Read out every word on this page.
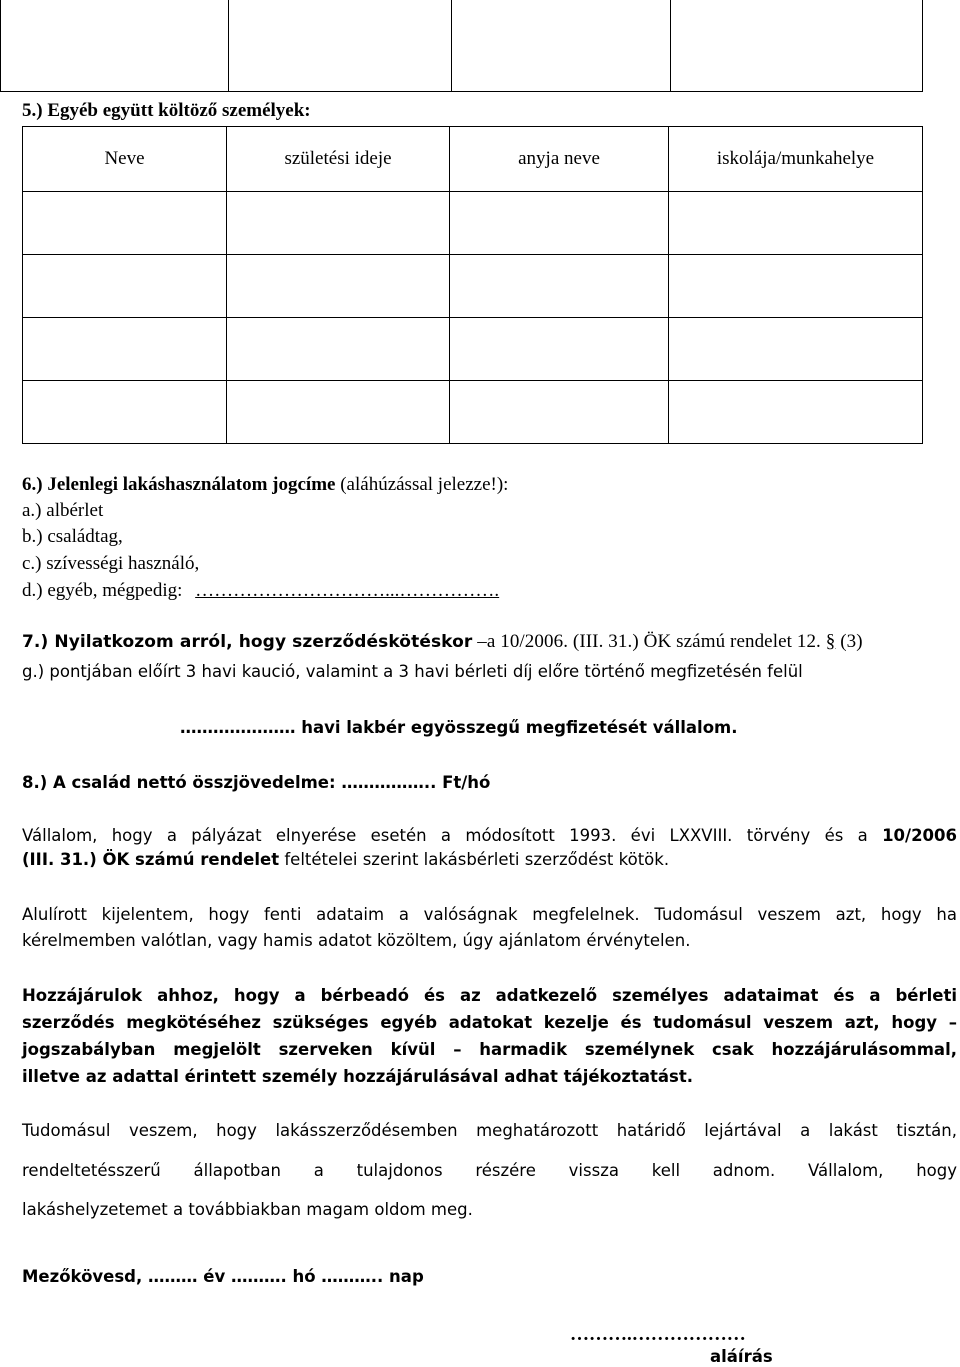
5.) Egyéb együtt költöző személyek:
Neve	születési ideje	anyja neve	iskolája/munkahelye

6.) Jelenlegi lakáshasználatom jogcíme (aláhúzással jelezze!):
a.) albérlet
b.) családtag,
c.) szívességi használó,
d.) egyéb, mégpedig: …………………………...…………….
7.) Nyilatkozom arról, hogy szerződéskötéskor –a 10/2006. (III. 31.) ÖK számú rendelet 12. § (3)
g.) pontjában előírt 3 havi kaució, valamint a 3 havi bérleti díj előre történő megfizetésén felül
………………… havi lakbér egyösszegű megfizetését vállalom.
8.) A család nettó összjövedelme: …………….. Ft/hó
Vállalom, hogy a pályázat elnyerése esetén a módosított 1993. évi LXXVIII. törvény és a 10/2006
(III. 31.) ÖK számú rendelet feltételei szerint lakásbérleti szerződést kötök.
Alulírott kijelentem, hogy fenti adataim a valóságnak megfelelnek. Tudomásul veszem azt, hogy ha
kérelmemben valótlan, vagy hamis adatot közöltem, úgy ajánlatom érvénytelen.
Hozzájárulok ahhoz, hogy a bérbeadó és az adatkezelő személyes adataimat és a bérleti
szerződés megkötéséhez szükséges egyéb adatokat kezelje és tudomásul veszem azt, hogy –
jogszabályban megjelölt szerveken kívül – harmadik személynek csak hozzájárulásommal,
illetve az adattal érintett személy hozzájárulásával adhat tájékoztatást.
Tudomásul veszem, hogy lakásszerződésemben meghatározott határidő lejártával a lakást tisztán,
rendeltetésszerű állapotban a tulajdonos részére vissza kell adnom. Vállalom, hogy
lakáshelyzetemet a továbbiakban magam oldom meg.
Mezőkövesd, ……… év ………. hó ……….. nap
……….………………
aláírás
